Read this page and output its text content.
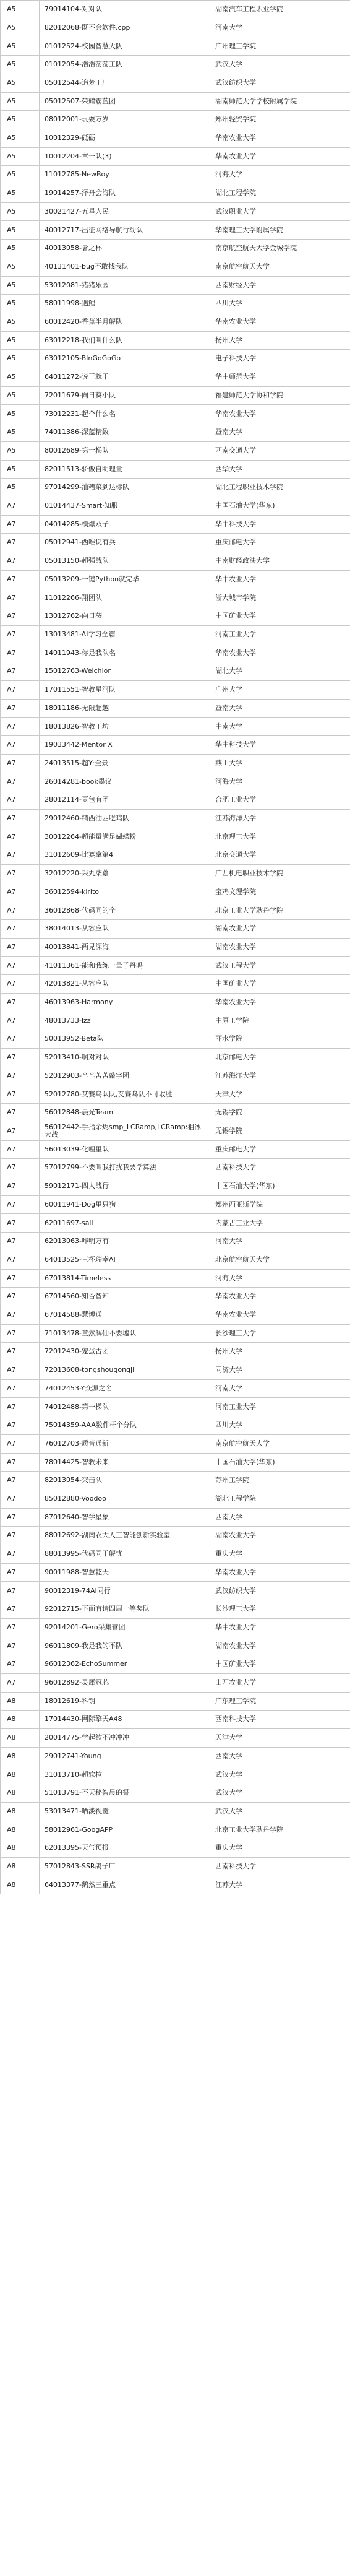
A5	79014104-对对队	湖南汽车工程职业学院
A5	82012068-既不会软件.cpp	河南大学
A5	01012524-校园智慧大队	广州理工学院
A5	01012054-浩浩荡荡工队	武汉大学
A5	05012544-追梦工厂	武汉纺织大学
A5	05012507-荣耀霸蓝团	湖南师范大学学校附属学院
A5	08012001-玩耍万岁	郑州轻贸学院
A5	10012329-砥砺	华南农业大学
A5	10012204-章一队(3)	华南农业大学
A5	11012785-NewBoy	河海大学
A5	19014257-泽舟会海队	湖北工程学院
A5	30021427-五星人民	武汉职业大学
A5	40012717-出征网络导航行动队	华南理工大学附属学院
A5	40013058-暑之杯	南京航空航天大学金城学院
A5	40131401-bug不敢找我队	南京航空航天大学
A5	53012081-猪猪乐园	西南财经大学
A5	58011998-遇鲤	四川大学
A5	60012420-香蕉半月解队	华南农业大学
A5	63012218-我们叫什么队	扬州大学
A5	63012105-BInGoGoGo	电子科技大学
A5	64011272-说干就干	华中师范大学
A5	72011679-向日葵小队	福建师范大学协和学院
A5	73012231-起个什么名	华南农业大学
A5	74011386-深蓝精致	暨南大学
A5	80012689-第一梯队	西南交通大学
A5	82011513-骄傲自明理量	西华大学
A5	97014299-油糟菜到达标队	湖北工程职业技术学院
A7	01014437-Smart·知服	中国石油大学(华东)
A7	04014285-模爆双子	华中科技大学
A7	05012941-西唯说有兵	重庆邮电大学
A7	05013150-超强战队	中南财经政法大学
A7	05013209-一键Python就完毕	华中农业大学
A7	11012266-翔团队	浙大城市学院
A7	13012762-向日葵	中国矿业大学
A7	13013481-AI学习全霸	河南工业大学
A7	14011943-你是我队名	华南农业大学
A7	15012763-Welchlor	湖北大学
A7	17011551-智教星河队	广州大学
A7	18011186-无限超越	暨南大学
A7	18013826-智教工坊	中南大学
A7	19033442-Mentor X	华中科技大学
A7	24013515-超Y·全景	燕山大学
A7	26014281-book墨议	河海大学
A7	28012114-豆包有团	合肥工业大学
A7	29012460-精西油西吃鸡队	江苏海洋大学
A7	30012264-超能量满足蝴蝶粉	北京理工大学
A7	31012609-比赛拿第4	北京交通大学
A7	32012220-采丸柒薹	广西机电职业技术学院
A7	36012594-kirito	宝鸡文理学院
A7	36012868-代码同的全	北京工业大学耿丹学院
A7	38014013-从容应队	湖南农业大学
A7	40013841-两兄深海	湖南农业大学
A7	41011361-能和我练一量子丹吗	武汉工程大学
A7	42013821-从容应队	中国矿业大学
A7	46013963-Harmony	华南农业大学
A7	48013733-lzz	中原工学院
A7	50013952-Beta队	丽水学院
A7	52013410-啊对对队	北京邮电大学
A7	52012903-辛辛苦苦敲字团	江苏海洋大学
A7	52012780-艾賽乌队队,艾賽乌队不可取胜	天津大学
A7	56012848-晨光Team	无锡学院
A7	56012442-手指余烬smp_LCRamp,LCRamp:狙冰大战	无锡学院
A7	56013039-化哩里队	重庆邮电大学
A7	57012799-不要叫我打扰我要学算法	西南科技大学
A7	59012171-四人战行	中国石油大学(华东)
A7	60011941-Dog里只狗	郑州西亚斯学院
A7	62011697-sall	内蒙古工业大学
A7	62013063-咋明万有	河南大学
A7	64013525-三杯瑞幸AI	北京航空航天大学
A7	67013814-Timeless	河海大学
A7	67014560-知否智知	华南农业大学
A7	67014588-慧博通	华南农业大学
A7	71013478-童然解仙不要墟队	长沙理工大学
A7	72012430-宠蛋古团	扬州大学
A7	72013608-tongshougongji	同济大学
A7	74012453-Y众源之名	河南大学
A7	74012488-第一梯队	河南工业大学
A7	75014359-AAA数件杆个分队	四川大学
A7	76012703-质音通新	南京航空航天大学
A7	78014425-智教未来	中国石油大学(华东)
A7	82013054-突击队	苏州工学院
A7	85012880-Voodoo	湖北工程学院
A7	87012640-智学星象	西南大学
A7	88012692-湖南农大人工智能创新实验室	湖南农业大学
A7	88013995-代码同于解忧	重庆大学
A7	90011988-智慧乾天	华南农业大学
A7	90012319-74AI同行	武汉纺织大学
A7	92012715-下面有请四周一等奖队	长沙理工大学
A7	92014201-Gero采集营团	华中农业大学
A7	96011809-我是我的不队	湖南农业大学
A7	96012362-EchoSummer	中国矿业大学
A7	96012892-灵犀冠芯	山西农业大学
A8	18012619-科钥	广东理工学院
A8	17014430-网际擎天A48	西南科技大学
A8	20014775-学起欲不冲冲冲	天津大学
A8	29012741-Young	西南大学
A8	31013710-超软拉	武汉大学
A8	51013791-不天秘智晨的誓	武汉大学
A8	53013471-晒淡视觉	武汉大学
A8	58012961-GoogAPP	北京工业大学耿丹学院
A8	62013395-天气预报	重庆大学
A8	57012843-SSR鸽子厂	西南科技大学
A8	64013377-鹅然三重点	江苏大学
